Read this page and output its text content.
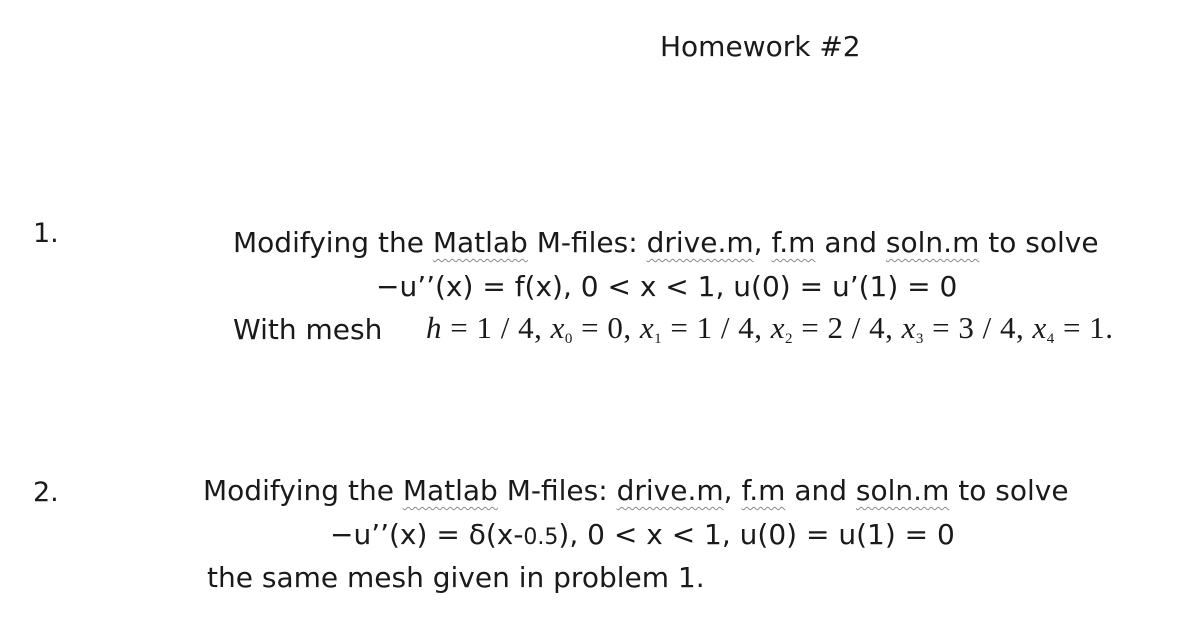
Homework #2
1.	Modifying the Matlab M-files: drive.m, f.m and soln.m to solve
−u’’(x) = f(x), 0 < x < 1, u(0) = u’(1) = 0
With mesh h = 1 / 4, $x_0 = 0$, $x_1 = 1 / 4$, $x_2 = 2 / 4$, $x_3 = 3 / 4$, $x_4 = 1$.
2.	Modifying the Matlab M-files: drive.m, f.m and soln.m to solve
−u’’(x) = δ(x-0.5), 0 < x < 1, u(0) = u(1) = 0
the same mesh given in problem 1.
